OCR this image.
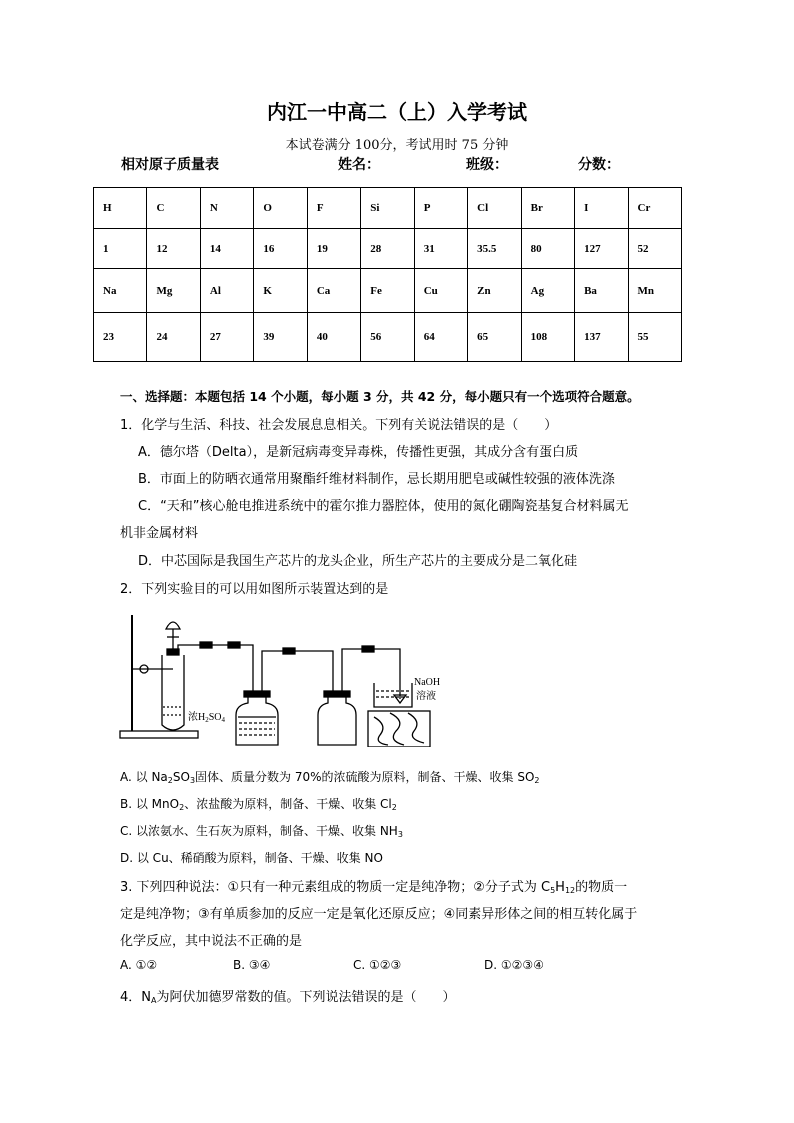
内江一中高二（上）入学考试
本试卷满分 100分，考试用时 75 分钟
相对原子质量表	姓名：	班级：	分数：
H	C	N	O	F	Si	P	Cl	Br	I	Cr
1	12	14	16	19	28	31	35.5	80	127	52
Na	Mg	Al	K	Ca	Fe	Cu	Zn	Ag	Ba	Mn
23	24	27	39	40	56	64	65	108	137	55
一、选择题：本题包括 14 个小题，每小题 3 分，共 42 分，每小题只有一个选项符合题意。
1．化学与生活、科技、社会发展息息相关。下列有关说法错误的是（　　）
A．德尔塔（Delta），是新冠病毒变异毒株，传播性更强，其成分含有蛋白质
B．市面上的防晒衣通常用聚酯纤维材料制作，忌长期用肥皂或碱性较强的液体洗涤
C．“天和”核心舱电推进系统中的霍尔推力器腔体，使用的氮化硼陶瓷基复合材料属无
机非金属材料
D．中芯国际是我国生产芯片的龙头企业，所生产芯片的主要成分是二氧化硅
2．下列实验目的可以用如图所示装置达到的是
浓$H_2SO_4$
NaOH
溶液
A. 以 $Na_2SO_3$固体、质量分数为 70%的浓硫酸为原料，制备、干燥、收集 $SO_2$
B. 以 MnO$_2$、浓盐酸为原料，制备、干燥、收集 $Cl_2$
C. 以浓氨水、生石灰为原料，制备、干燥、收集 $NH_3$
D. 以 Cu、稀硝酸为原料，制备、干燥、收集 NO
3. 下列四种说法：①只有一种元素组成的物质一定是纯净物；②分子式为 $C_5H_{12}$的物质一
定是纯净物；③有单质参加的反应一定是氧化还原反应；④同素异形体之间的相互转化属于
化学反应，其中说法不正确的是
A. ①②	B. ③④	C. ①②③	D. ①②③④
4．$N_A$为阿伏加德罗常数的值。下列说法错误的是（　　）
